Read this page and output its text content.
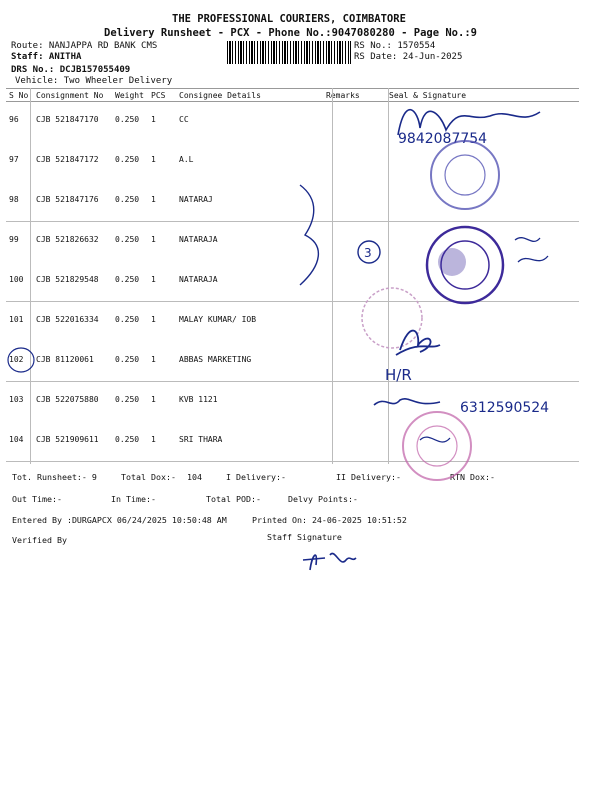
THE PROFESSIONAL COURIERS, COIMBATORE
Delivery Runsheet - PCX - Phone No.:9047080280 - Page No.:9
Route: NANJAPPA RD BANK CMS
Staff: ANITHA
DRS No.: DCJB157055409
Vehicle: Two Wheeler Delivery
RS No.: 1570554
RS Date: 24-Jun-2025
S No	Consignment No	Weight	PCS	Consignee Details	Remarks	Seal & Signature
96	CJB 521847170	0.250	1	CC		
97	CJB 521847172	0.250	1	A.L		
98	CJB 521847176	0.250	1	NATARAJ		
99	CJB 521826632	0.250	1	NATARAJA		
100	CJB 521829548	0.250	1	NATARAJA		
101	CJB 522016334	0.250	1	MALAY KUMAR/ IOB		
102	CJB 81120061	0.250	1	ABBAS MARKETING		
103	CJB 522075880	0.250	1	KVB 1121		
104	CJB 521909611	0.250	1	SRI THARA		
Tot. Runsheet:- 9	Total Dox:- 104	I Delivery:-	II Delivery:-	RTN Dox:-
Out Time:-	In Time:-	Total POD:-	Delvy Points:-
Entered By :DURGAPCX 06/24/2025 10:50:48 AM	Printed On: 24-06-2025 10:51:52
Verified By	Staff Signature
9842087754
3
H/R
6312590524
